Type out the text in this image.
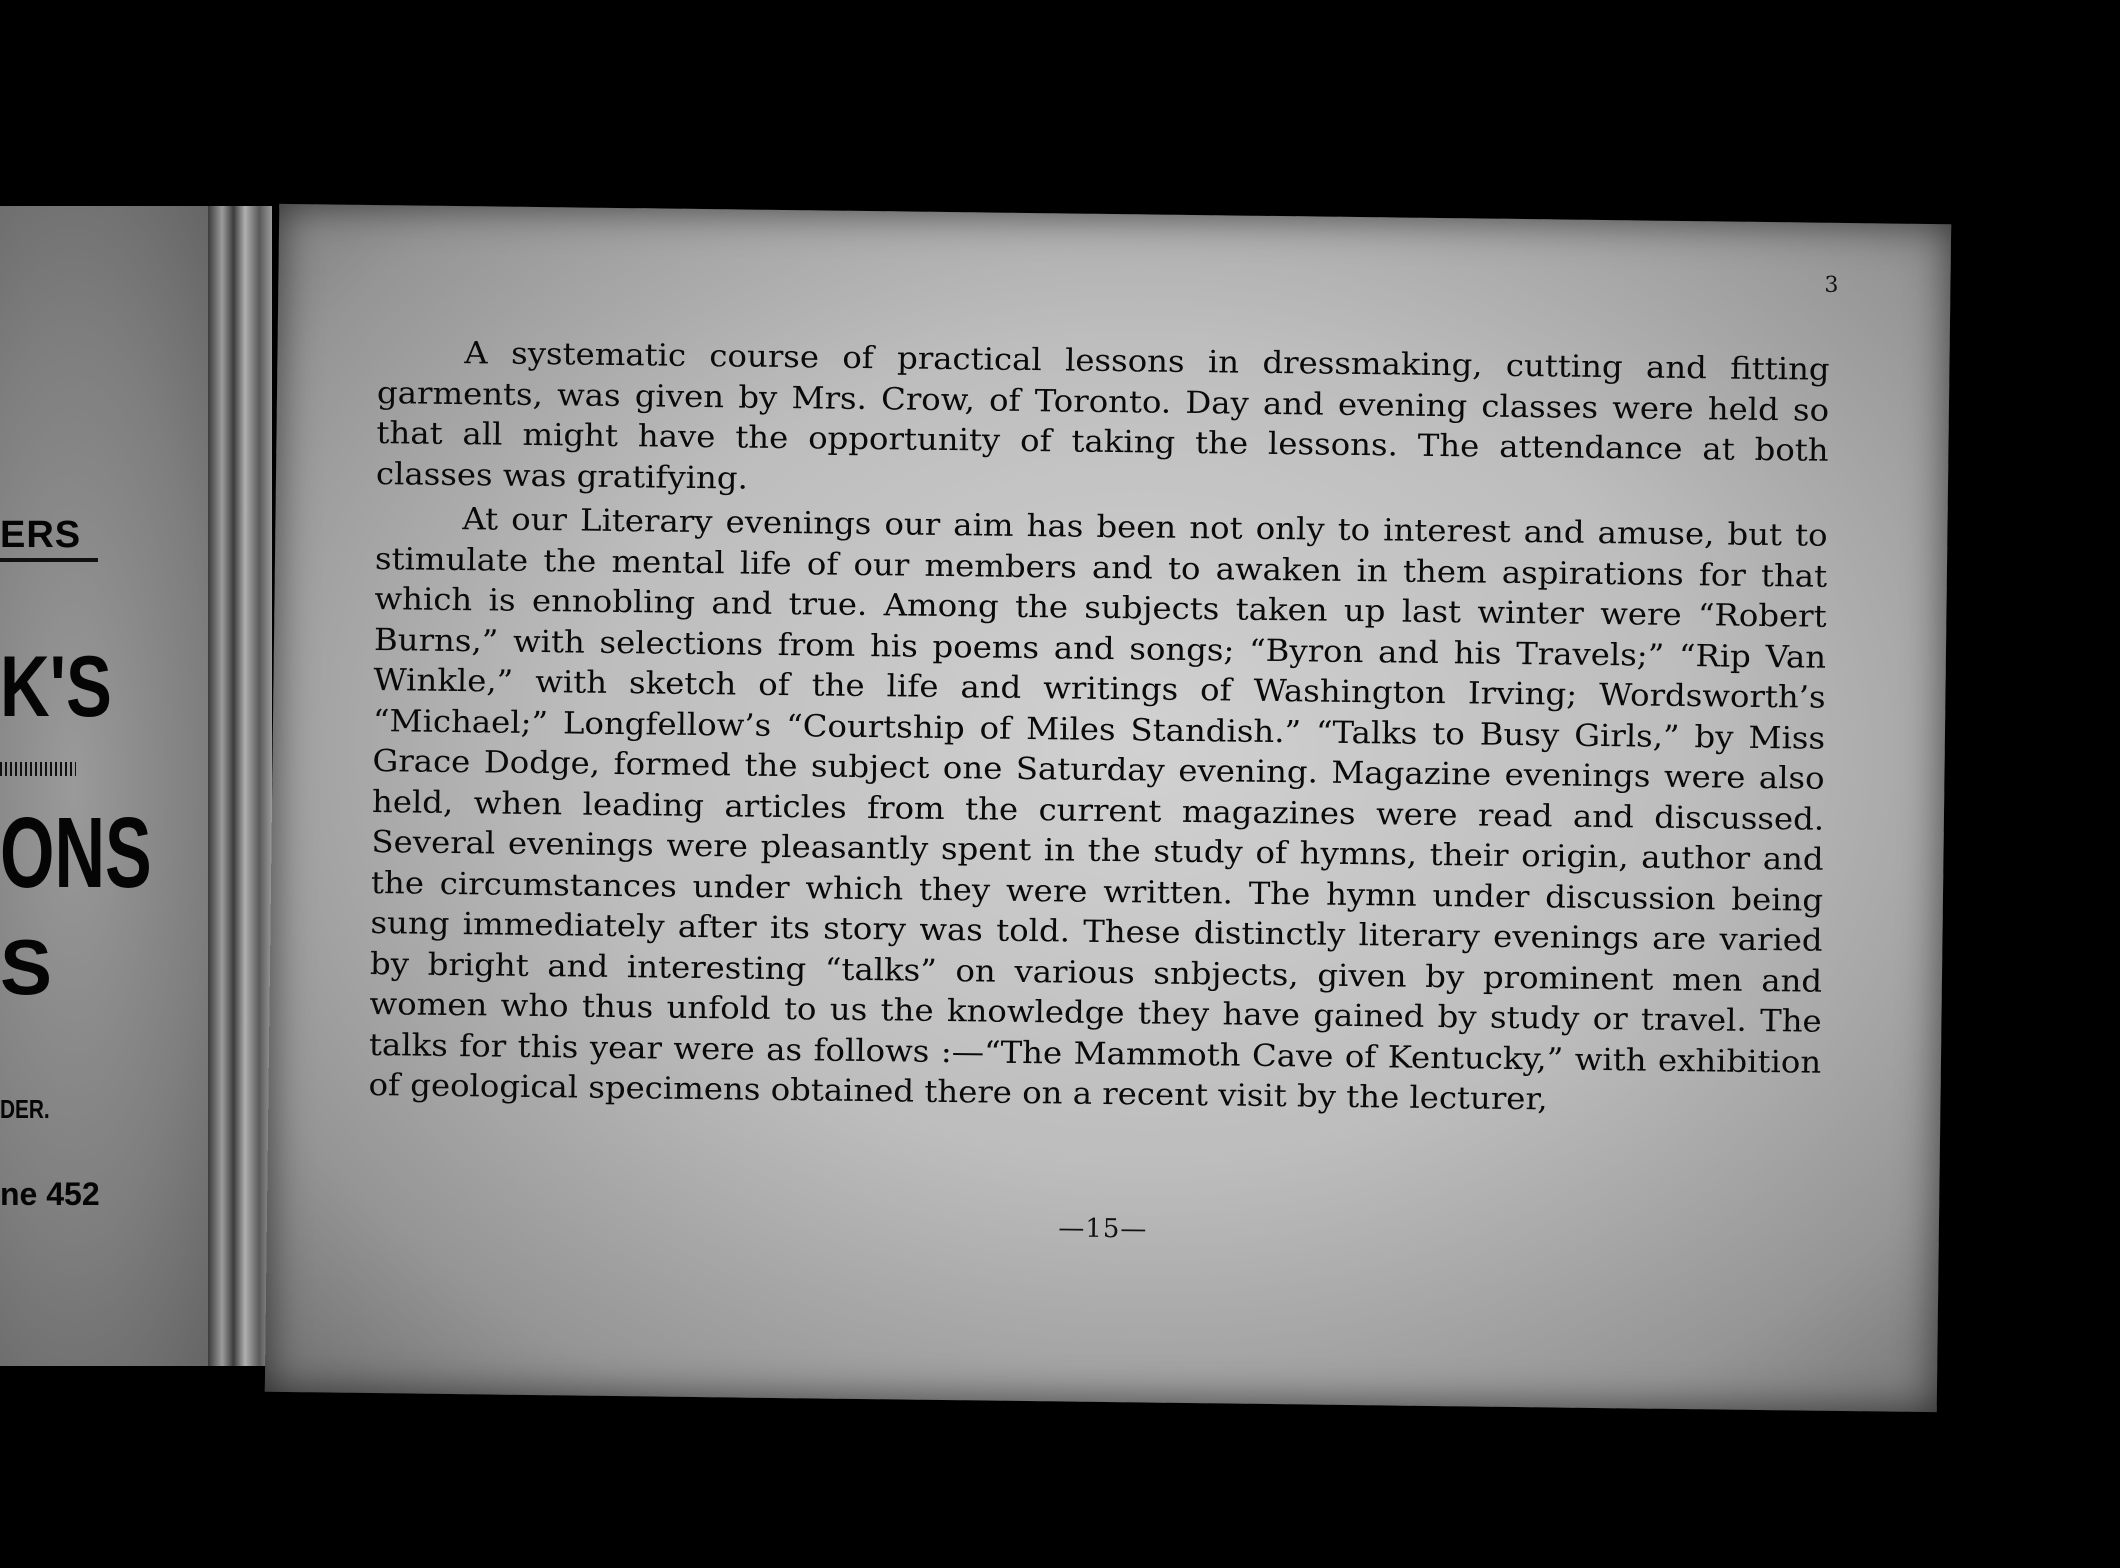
ERS
K'S
ONS
S
DER.
ne 452
3

A systematic course of practical lessons in dressmaking, cutting and fitting garments, was given by Mrs. Crow, of Toronto. Day and evening classes were held so that all might have the opportunity of taking the lessons. The attendance at both classes was gratifying.

At our Literary evenings our aim has been not only to interest and amuse, but to stimulate the mental life of our members and to awaken in them aspirations for that which is ennobling and true. Among the subjects taken up last winter were “Robert Burns,” with selections from his poems and songs; “Byron and his Travels;” “Rip Van Winkle,” with sketch of the life and writings of Washington Irving; Wordsworth’s “Michael;” Longfellow’s “Courtship of Miles Standish.” “Talks to Busy Girls,” by Miss Grace Dodge, formed the subject one Saturday evening. Magazine evenings were also held, when leading articles from the current magazines were read and discussed. Several evenings were pleasantly spent in the study of hymns, their origin, author and the circumstances under which they were written. The hymn under discussion being sung immediately after its story was told. These distinctly literary evenings are varied by bright and interesting “talks” on various snbjects, given by prominent men and women who thus unfold to us the knowledge they have gained by study or travel. The talks for this year were as follows :—“The Mammoth Cave of Kentucky,” with exhibition of geological specimens obtained there on a recent visit by the lecturer,

—15—
